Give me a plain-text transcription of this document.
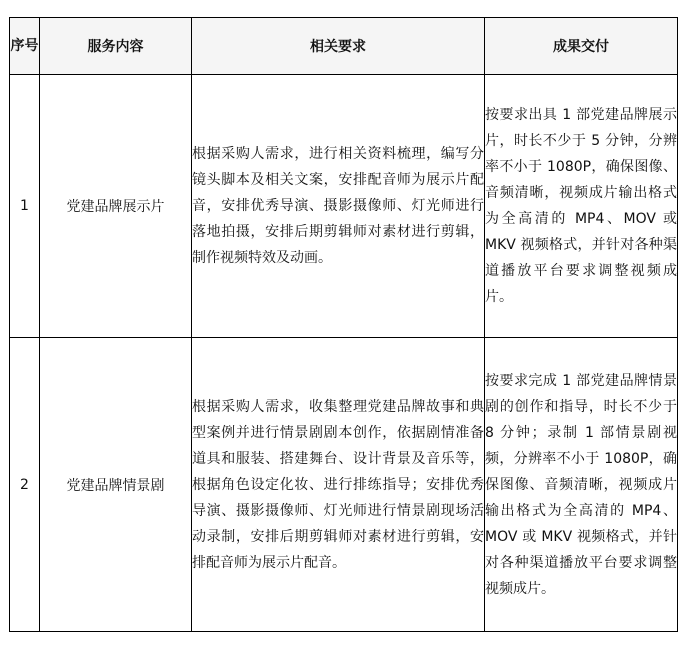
序号	服务内容	相关要求	成果交付
1	党建品牌展示片	根据采购人需求，进行相关资料梳理，编写分镜头脚本及相关文案，安排配音师为展示片配音，安排优秀导演、摄影摄像师、灯光师进行落地拍摄，安排后期剪辑师对素材进行剪辑，制作视频特效及动画。	按要求出具 1 部党建品牌展示片，时长不少于 5 分钟，分辨率不小于 1080P，确保图像、音频清晰，视频成片输出格式为全高清的 MP4、MOV 或 MKV 视频格式，并针对各种渠道播放平台要求调整视频成片。
2	党建品牌情景剧	根据采购人需求，收集整理党建品牌故事和典型案例并进行情景剧剧本创作，依据剧情准备道具和服装、搭建舞台、设计背景及音乐等，根据角色设定化妆、进行排练指导；安排优秀导演、摄影摄像师、灯光师进行情景剧现场活动录制，安排后期剪辑师对素材进行剪辑，安排配音师为展示片配音。	按要求完成 1 部党建品牌情景剧的创作和指导，时长不少于 8 分钟；录制 1 部情景剧视频，分辨率不小于 1080P，确保图像、音频清晰，视频成片输出格式为全高清的 MP4、MOV 或 MKV 视频格式，并针对各种渠道播放平台要求调整视频成片。
